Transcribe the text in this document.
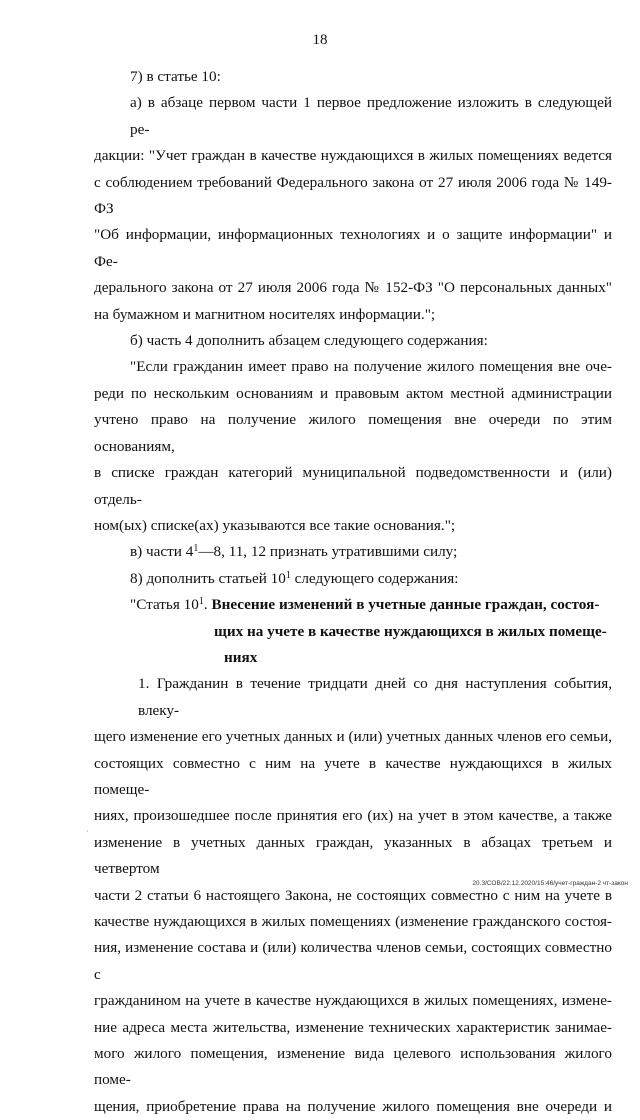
18
7) в статье 10:
а) в абзаце первом части 1 первое предложение изложить в следующей ре-
дакции: "Учет граждан в качестве нуждающихся в жилых помещениях ведется
с соблюдением требований Федерального закона от 27 июля 2006 года № 149-ФЗ
"Об информации, информационных технологиях и о защите информации" и Фе-
дерального закона от 27 июля 2006 года № 152-ФЗ "О персональных данных"
на бумажном и магнитном носителях информации.";
б) часть 4 дополнить абзацем следующего содержания:
"Если гражданин имеет право на получение жилого помещения вне оче-
реди по нескольким основаниям и правовым актом местной администрации
учтено право на получение жилого помещения вне очереди по этим основаниям,
в списке граждан категорий муниципальной подведомственности и (или) отдель-
ном(ых) списке(ах) указываются все такие основания.";
в) части $4^1—8$, 11, 12 признать утратившими силу;
8) дополнить статьей $10^1$ следующего содержания:
"Статья $10^1$. Внесение изменений в учетные данные граждан, состоя-
щих на учете в качестве нуждающихся в жилых помеще-
ниях
1. Гражданин в течение тридцати дней со дня наступления события, влеку-
щего изменение его учетных данных и (или) учетных данных членов его семьи,
состоящих совместно с ним на учете в качестве нуждающихся в жилых помеще-
ниях, произошедшее после принятия его (их) на учет в этом качестве, а также
изменение в учетных данных граждан, указанных в абзацах третьем и четвертом
части 2 статьи 6 настоящего Закона, не состоящих совместно с ним на учете в
качестве нуждающихся в жилых помещениях (изменение гражданского состоя-
ния, изменение состава и (или) количества членов семьи, состоящих совместно с
гражданином на учете в качестве нуждающихся в жилых помещениях, измене-
ние адреса места жительства, изменение технических характеристик занимае-
мого жилого помещения, изменение вида целевого использования жилого поме-
щения, приобретение права на получение жилого помещения вне очереди и
·
20.3/СОВ/22.12.2020/15:46/учет-граждан-2 чт-закон
